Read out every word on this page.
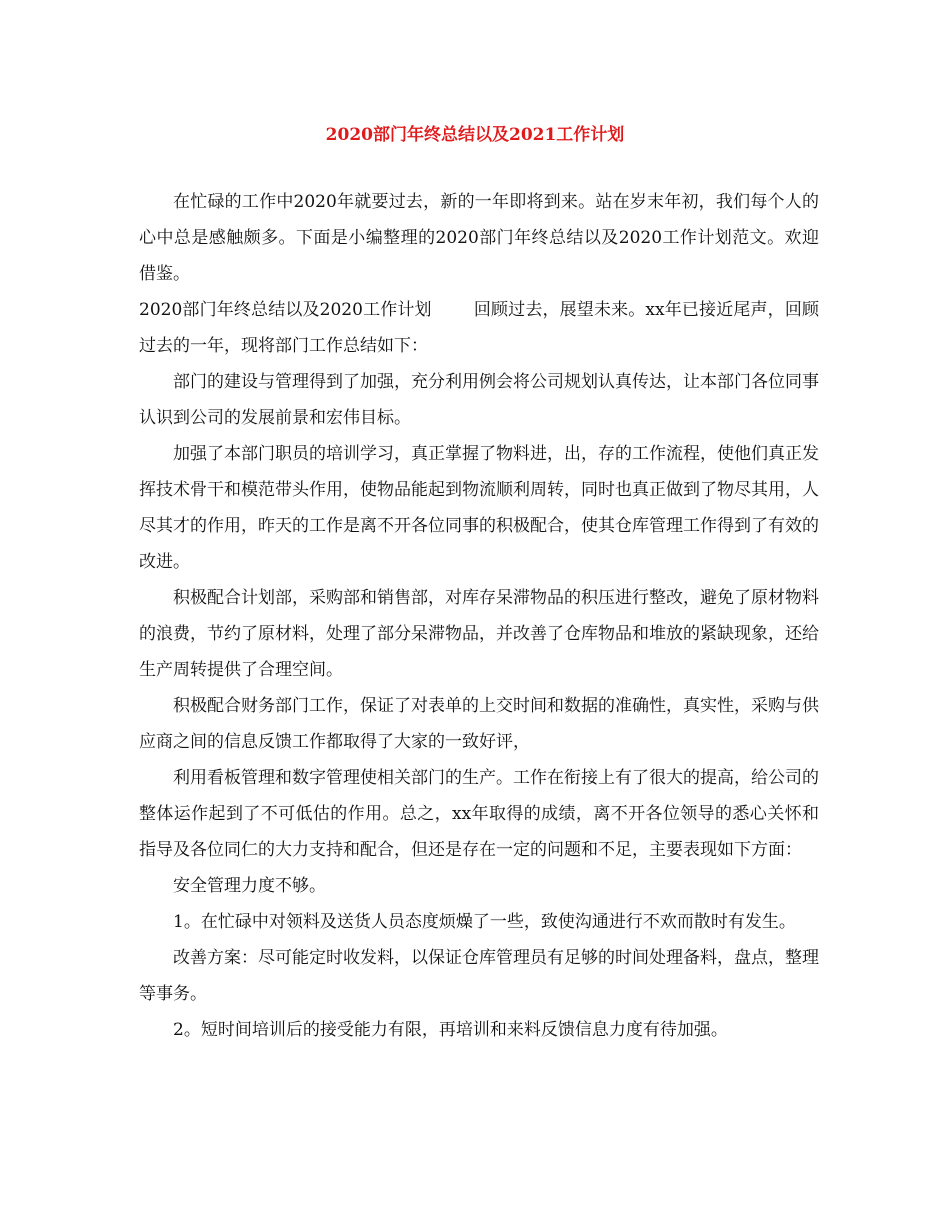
2020部门年终总结以及2021工作计划

在忙碌的工作中2020年就要过去，新的一年即将到来。站在岁末年初，我们每个人的心中总是感触颇多。下面是小编整理的2020部门年终总结以及2020工作计划范文。欢迎借鉴。

2020部门年终总结以及2020工作计划 回顾过去，展望未来。xx年已接近尾声，回顾过去的一年，现将部门工作总结如下：

部门的建设与管理得到了加强，充分利用例会将公司规划认真传达，让本部门各位同事认识到公司的发展前景和宏伟目标。

加强了本部门职员的培训学习，真正掌握了物料进，出，存的工作流程，使他们真正发挥技术骨干和模范带头作用，使物品能起到物流顺利周转，同时也真正做到了物尽其用，人尽其才的作用，昨天的工作是离不开各位同事的积极配合，使其仓库管理工作得到了有效的改进。

积极配合计划部，采购部和销售部，对库存呆滞物品的积压进行整改，避免了原材物料的浪费，节约了原材料，处理了部分呆滞物品，并改善了仓库物品和堆放的紧缺现象，还给生产周转提供了合理空间。

积极配合财务部门工作，保证了对表单的上交时间和数据的准确性，真实性，采购与供应商之间的信息反馈工作都取得了大家的一致好评，

利用看板管理和数字管理使相关部门的生产。工作在衔接上有了很大的提高，给公司的整体运作起到了不可低估的作用。总之，xx年取得的成绩，离不开各位领导的悉心关怀和指导及各位同仁的大力支持和配合，但还是存在一定的问题和不足，主要表现如下方面：

安全管理力度不够。

1。在忙碌中对领料及送货人员态度烦燥了一些，致使沟通进行不欢而散时有发生。

改善方案：尽可能定时收发料，以保证仓库管理员有足够的时间处理备料，盘点，整理等事务。

2。短时间培训后的接受能力有限，再培训和来料反馈信息力度有待加强。
